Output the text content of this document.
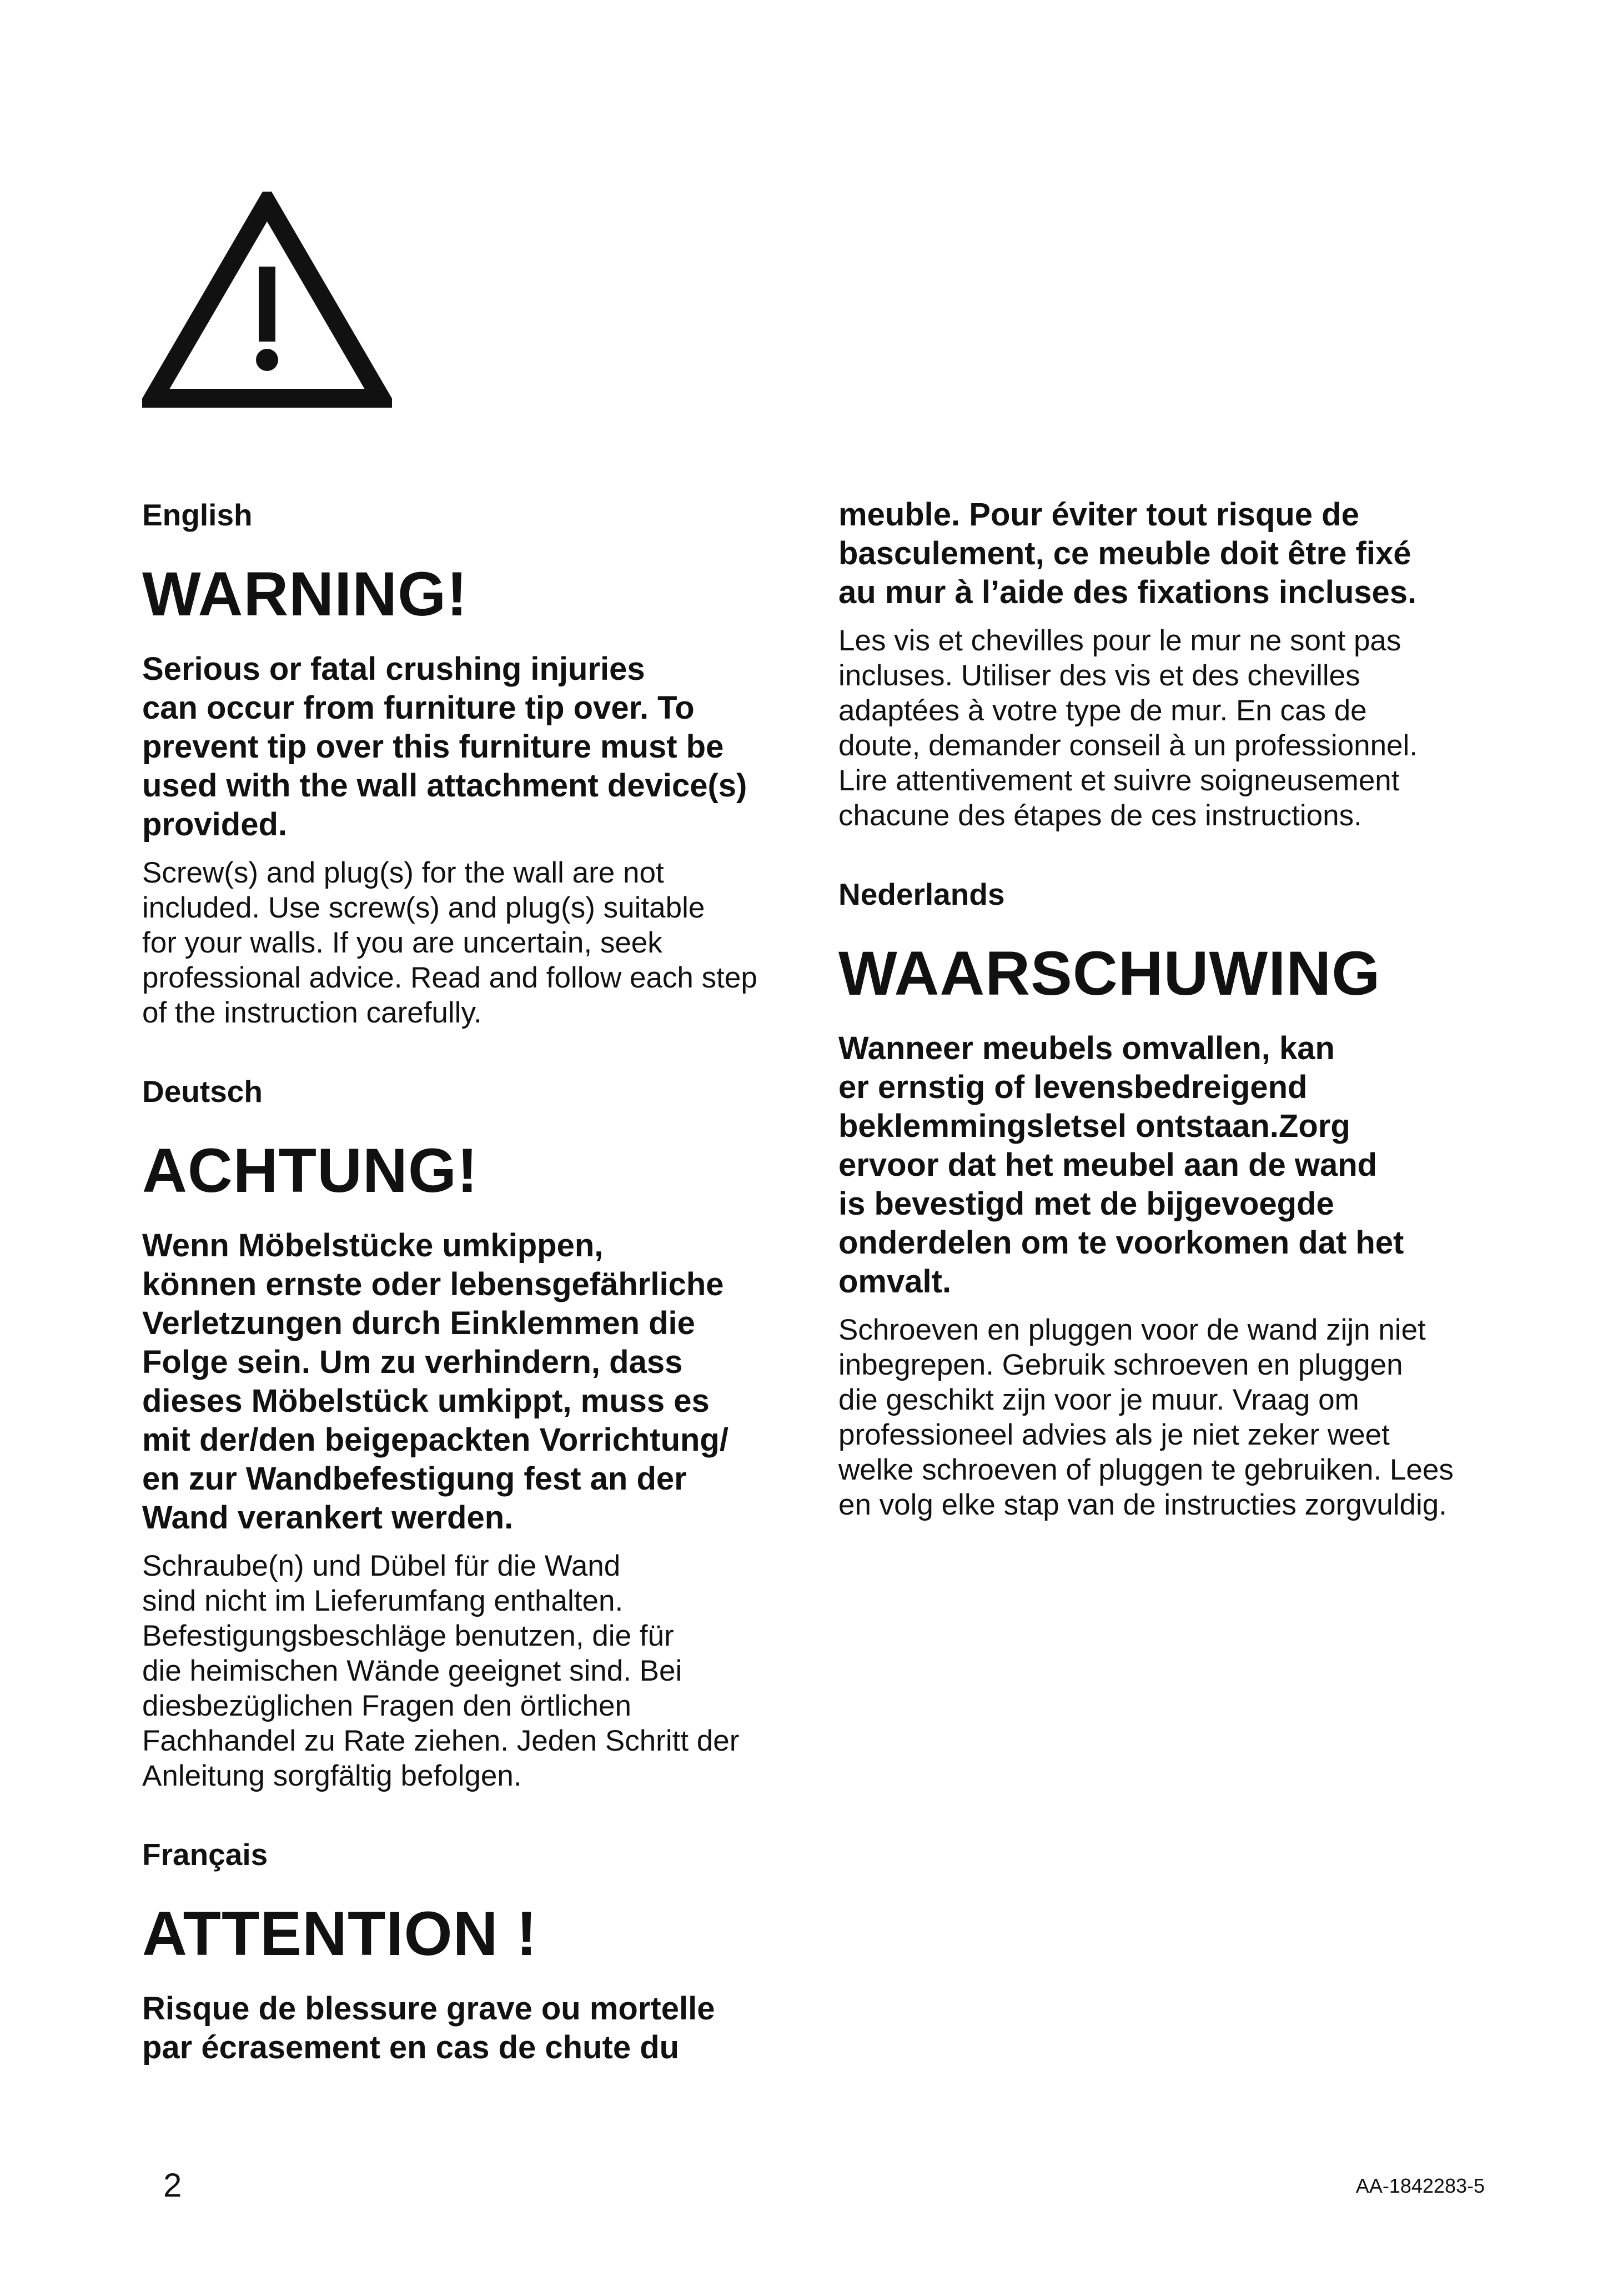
English
WARNING!
Serious or fatal crushing injuries
can occur from furniture tip over. To
prevent tip over this furniture must be
used with the wall attachment device(s)
provided.
Screw(s) and plug(s) for the wall are not
included. Use screw(s) and plug(s) suitable
for your walls. If you are uncertain, seek
professional advice. Read and follow each step
of the instruction carefully.
Deutsch
ACHTUNG!
Wenn Möbelstücke umkippen,
können ernste oder lebensgefährliche
Verletzungen durch Einklemmen die
Folge sein. Um zu verhindern, dass
dieses Möbelstück umkippt, muss es
mit der/den beigepackten Vorrichtung/
en zur Wandbefestigung fest an der
Wand verankert werden.
Schraube(n) und Dübel für die Wand
sind nicht im Lieferumfang enthalten.
Befestigungsbeschläge benutzen, die für
die heimischen Wände geeignet sind. Bei
diesbezüglichen Fragen den örtlichen
Fachhandel zu Rate ziehen. Jeden Schritt der
Anleitung sorgfältig befolgen.
Français
ATTENTION !
Risque de blessure grave ou mortelle
par écrasement en cas de chute du
meuble. Pour éviter tout risque de
basculement, ce meuble doit être fixé
au mur à l’aide des fixations incluses.
Les vis et chevilles pour le mur ne sont pas
incluses. Utiliser des vis et des chevilles
adaptées à votre type de mur. En cas de
doute, demander conseil à un professionnel.
Lire attentivement et suivre soigneusement
chacune des étapes de ces instructions.
Nederlands
WAARSCHUWING
Wanneer meubels omvallen, kan
er ernstig of levensbedreigend
beklemmingsletsel ontstaan.Zorg
ervoor dat het meubel aan de wand
is bevestigd met de bijgevoegde
onderdelen om te voorkomen dat het
omvalt.
Schroeven en pluggen voor de wand zijn niet
inbegrepen. Gebruik schroeven en pluggen
die geschikt zijn voor je muur. Vraag om
professioneel advies als je niet zeker weet
welke schroeven of pluggen te gebruiken. Lees
en volg elke stap van de instructies zorgvuldig.
2	AA-1842283-5
